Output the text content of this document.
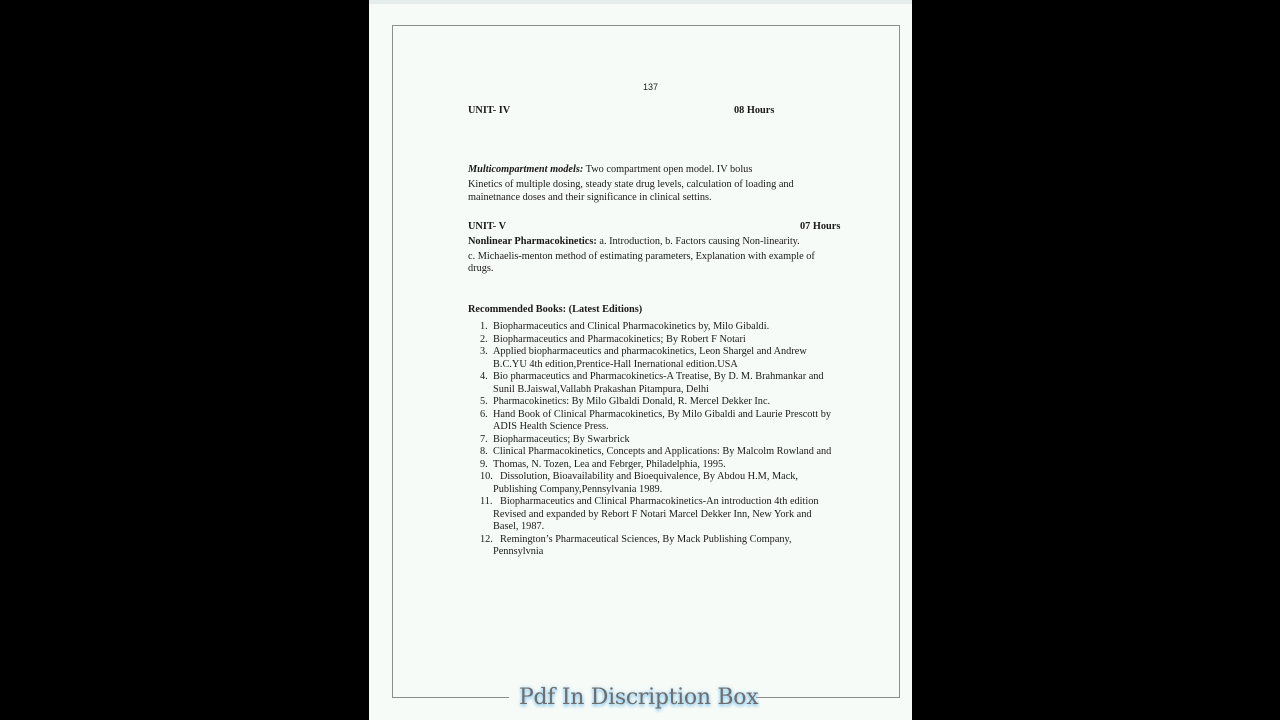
137
UNIT- IV	08 Hours
Multicompartment models: Two compartment open model. IV bolus
Kinetics of multiple dosing, steady state drug levels, calculation of loading and
mainetnance doses and their significance in clinical settins.
UNIT- V	07 Hours
Nonlinear Pharmacokinetics: a. Introduction, b. Factors causing Non-linearity.
c. Michaelis-menton method of estimating parameters, Explanation with example of
drugs.
Recommended Books: (Latest Editions)
1. Biopharmaceutics and Clinical Pharmacokinetics by, Milo Gibaldi.
2. Biopharmaceutics and Pharmacokinetics; By Robert F Notari
3. Applied biopharmaceutics and pharmacokinetics, Leon Shargel and Andrew
B.C.YU 4th edition,Prentice-Hall Inernational edition.USA
4. Bio pharmaceutics and Pharmacokinetics-A Treatise, By D. M. Brahmankar and
Sunil B.Jaiswal,Vallabh Prakashan Pitampura, Delhi
5. Pharmacokinetics: By Milo Glbaldi Donald, R. Mercel Dekker Inc.
6. Hand Book of Clinical Pharmacokinetics, By Milo Gibaldi and Laurie Prescott by
ADIS Health Science Press.
7. Biopharmaceutics; By Swarbrick
8. Clinical Pharmacokinetics, Concepts and Applications: By Malcolm Rowland and
9. Thomas, N. Tozen, Lea and Febrger, Philadelphia, 1995.
10. Dissolution, Bioavailability and Bioequivalence, By Abdou H.M, Mack,
Publishing Company,Pennsylvania 1989.
11. Biopharmaceutics and Clinical Pharmacokinetics-An introduction 4th edition
Revised and expanded by Rebort F Notari Marcel Dekker Inn, New York and
Basel, 1987.
12. Remington’s Pharmaceutical Sciences, By Mack Publishing Company,
Pennsylvnia
Pdf In Discription Box
